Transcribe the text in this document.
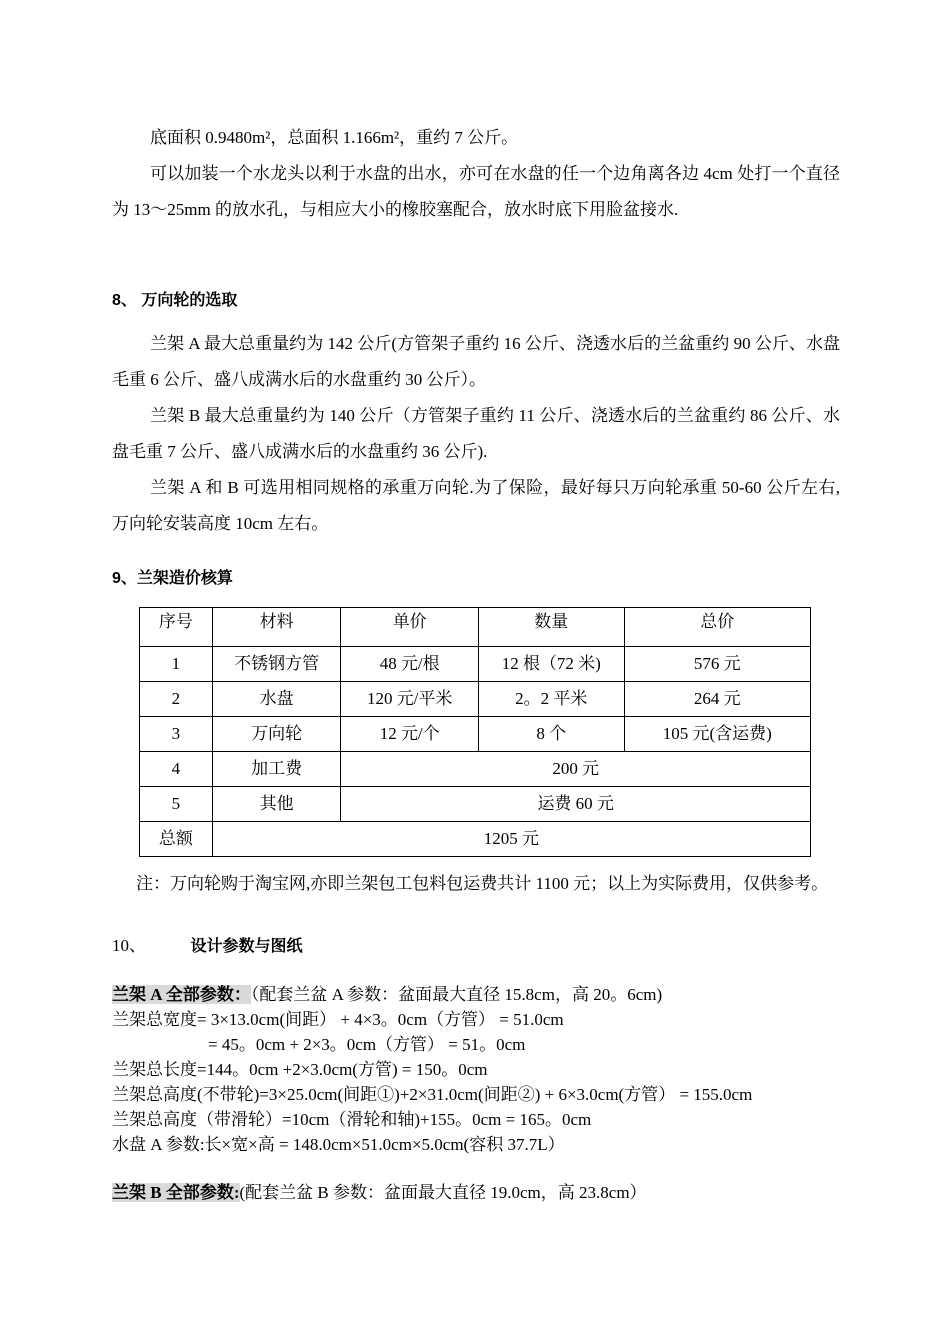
底面积 0.9480m²，总面积 1.166m²，重约 7 公斤。

可以加装一个水龙头以利于水盘的出水，亦可在水盘的任一个边角离各边 4cm 处打一个直径为 13～25mm 的放水孔，与相应大小的橡胶塞配合，放水时底下用脸盆接水.

8、 万向轮的选取

兰架 A 最大总重量约为 142 公斤(方管架子重约 16 公斤、浇透水后的兰盆重约 90 公斤、水盘毛重 6 公斤、盛八成满水后的水盘重约 30 公斤）。

兰架 B 最大总重量约为 140 公斤（方管架子重约 11 公斤、浇透水后的兰盆重约 86 公斤、水盘毛重 7 公斤、盛八成满水后的水盘重约 36 公斤).

兰架 A 和 B 可选用相同规格的承重万向轮.为了保险，最好每只万向轮承重 50-60 公斤左右,万向轮安装高度 10cm 左右。

9、兰架造价核算

序号	材料	单价	数量	总价
1	不锈钢方管	48 元/根	12 根（72 米)	576 元
2	水盘	120 元/平米	2。2 平米	264 元
3	万向轮	12 元/个	8 个	105 元(含运费)
4	加工费	200 元		
5	其他	运费 60 元		
总额	1205 元			

注：万向轮购于淘宝网,亦即兰架包工包料包运费共计 1100 元；以上为实际费用，仅供参考。

10、	设计参数与图纸

兰架 A 全部参数：（配套兰盆 A 参数：盆面最大直径 15.8cm，高 20。6cm)

兰架总宽度= 3×13.0cm(间距） + 4×3。0cm（方管） = 51.0cm

= 45。0cm + 2×3。0cm（方管） = 51。0cm

兰架总长度=144。0cm +2×3.0cm(方管) = 150。0cm

兰架总高度(不带轮)=3×25.0cm(间距①)+2×31.0cm(间距②) + 6×3.0cm(方管） = 155.0cm

兰架总高度（带滑轮）=10cm（滑轮和轴)+155。0cm = 165。0cm

水盘 A 参数:长×宽×高 = 148.0cm×51.0cm×5.0cm(容积 37.7L）

兰架 B 全部参数:(配套兰盆 B 参数：盆面最大直径 19.0cm，高 23.8cm）
